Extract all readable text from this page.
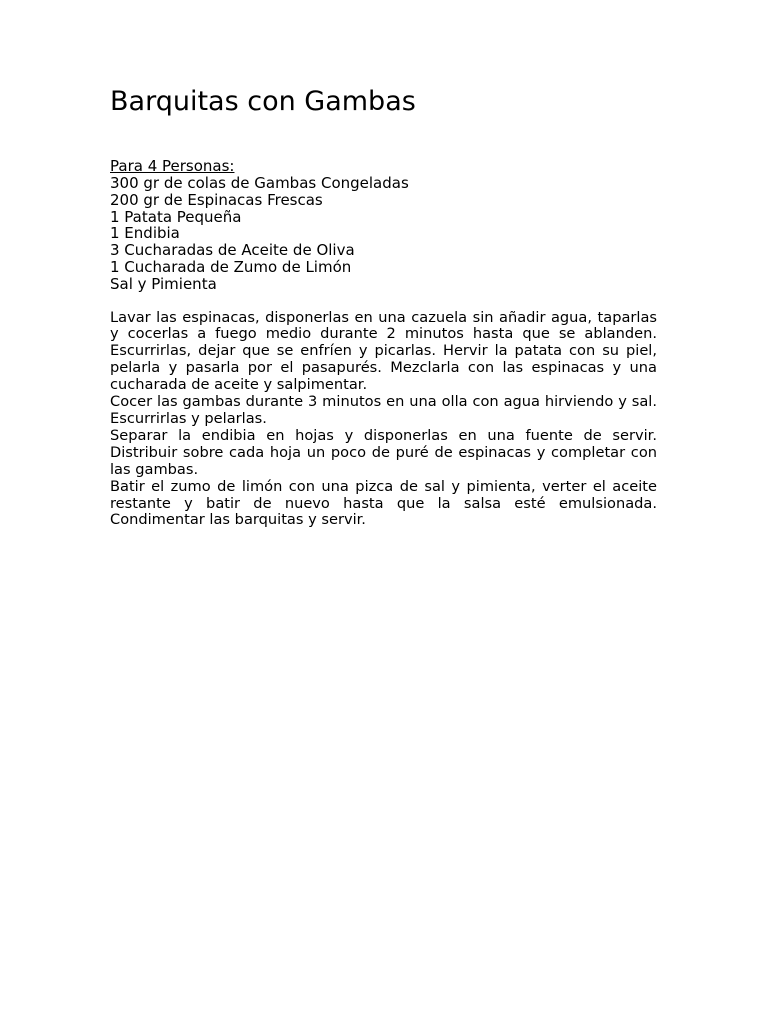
Barquitas con Gambas
Para 4 Personas:
300 gr de colas de Gambas Congeladas
200 gr de Espinacas Frescas
1 Patata Pequeña
1 Endibia
3 Cucharadas de Aceite de Oliva
1 Cucharada de Zumo de Limón
Sal y Pimienta

Lavar las espinacas, disponerlas en una cazuela sin añadir agua, taparlas y cocerlas a fuego medio durante 2 minutos hasta que se ablanden. Escurrirlas, dejar que se enfríen y picarlas. Hervir la patata con su piel, pelarla y pasarla por el pasapurés. Mezclarla con las espinacas y una cucharada de aceite y salpimentar.

Cocer las gambas durante 3 minutos en una olla con agua hirviendo y sal. Escurrirlas y pelarlas.

Separar la endibia en hojas y disponerlas en una fuente de servir. Distribuir sobre cada hoja un poco de puré de espinacas y completar con las gambas.

Batir el zumo de limón con una pizca de sal y pimienta, verter el aceite restante y batir de nuevo hasta que la salsa esté emulsionada. Condimentar las barquitas y servir.
